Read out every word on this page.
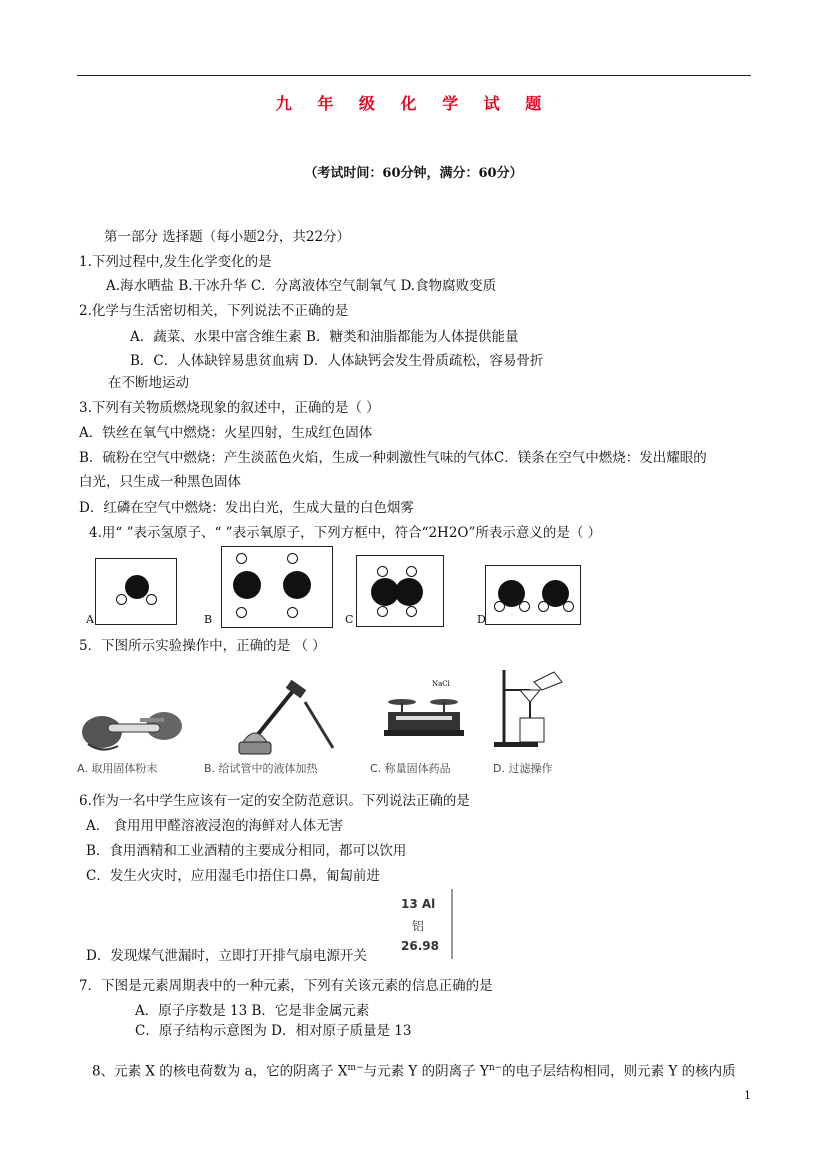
九 年 级 化 学 试 题
（考试时间：60分钟，满分：60分）
第一部分 选择题（每小题2分，共22分）
1.下列过程中,发生化学变化的是
A.海水晒盐 B.干冰升华 C．分离液体空气制氧气 D.食物腐败变质
2.化学与生活密切相关，下列说法不正确的是
A．蔬菜、水果中富含维生素 B．糖类和油脂都能为人体提供能量
B．C．人体缺锌易患贫血病 D．人体缺钙会发生骨质疏松，容易骨折
在不断地运动
3.下列有关物质燃烧现象的叙述中，正确的是（ ）
A．铁丝在氧气中燃烧：火星四射，生成红色固体
B．硫粉在空气中燃烧：产生淡蓝色火焰，生成一种刺激性气味的气体C．镁条在空气中燃烧：发出耀眼的
白光，只生成一种黑色固体
D．红磷在空气中燃烧：发出白光，生成大量的白色烟雾
4.用“ ”表示氢原子、“ ”表示氧原子，下列方框中，符合“2H2O”所表示意义的是（ ）
A	B	C	D
5．下图所示实验操作中，正确的是 （ ）
NaCl
A. 取用固体粉末	B. 给试管中的液体加热	C. 称量固体药品	D. 过滤操作
6.作为一名中学生应该有一定的安全防范意识。下列说法正确的是
A． 食用用甲醛溶液浸泡的海鲜对人体无害
B．食用酒精和工业酒精的主要成分相同，都可以饮用
C．发生火灾时，应用湿毛巾捂住口鼻，匍匐前进
13 Al
铝
26.98
D．发现煤气泄漏时，立即打开排气扇电源开关
7．下图是元素周期表中的一种元素，下列有关该元素的信息正确的是
A．原子序数是 13 B．它是非金属元素
C．原子结构示意图为 D．相对原子质量是 13
8、元素 X 的核电荷数为 a，它的阴离子 $X^{m-}$与元素 Y 的阴离子 $Y^{n-}$的电子层结构相同，则元素 Y 的核内质
1
